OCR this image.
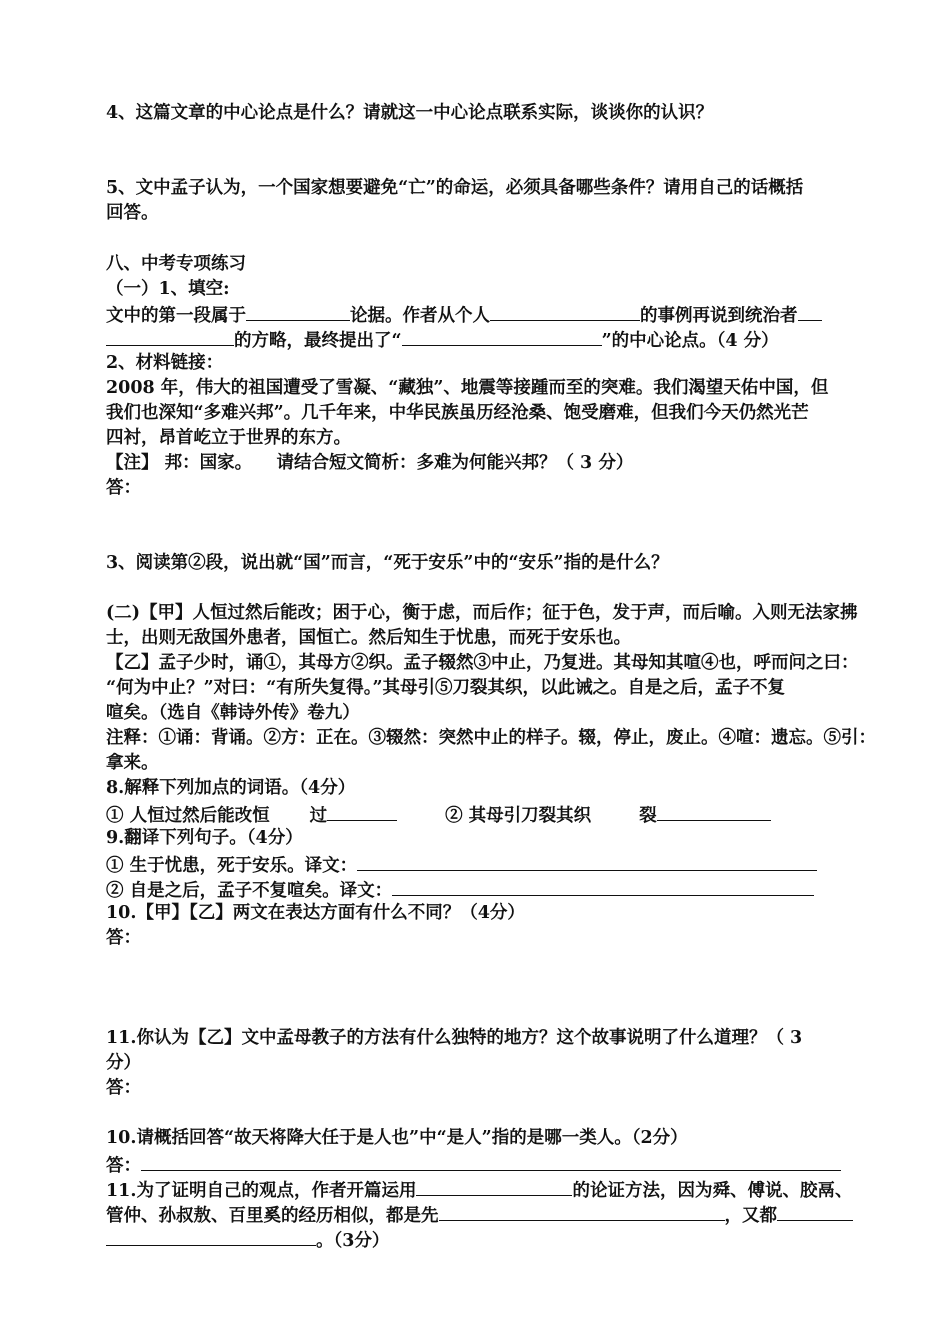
4、这篇文章的中心论点是什么？请就这一中心论点联系实际，谈谈你的认识？
5、文中孟子认为，一个国家想要避免“亡”的命运，必须具备哪些条件？请用自己的话概括
回答。
八、中考专项练习
（一）1、填空:
文中的第一段属于	论据。作者从个人	的事例再说到统治者
的方略，最终提出了“	”的中心论点。（4 分）
2、材料链接：
2008 年，伟大的祖国遭受了雪凝、“藏独”、地震等接踵而至的突难。我们渴望天佑中国，但
我们也深知“多难兴邦”。几千年来，中华民族虽历经沧桑、饱受磨难，但我们今天仍然光芒
四衬，昂首屹立于世界的东方。
【注】 邦：国家。    请结合短文简析：多难为何能兴邦？（ 3 分）
答：
3、阅读第②段，说出就“国”而言，“死于安乐”中的“安乐”指的是什么？
(二)【甲】人恒过然后能改；困于心，衡于虑，而后作；征于色，发于声，而后喻。入则无法家拂
士，出则无敌国外患者，国恒亡。然后知生于忧患，而死于安乐也。
【乙】孟子少时，诵①，其母方②织。孟子辍然③中止，乃复进。其母知其喧④也，呼而问之曰：
“何为中止？”对曰：“有所失复得。”其母引⑤刀裂其织，以此诫之。自是之后，孟子不复
喧矣。（选自《韩诗外传》卷九）
注释：①诵：背诵。②方：正在。③辍然：突然中止的样子。辍，停止，废止。④喧：遗忘。⑤引：
拿来。
8.解释下列加点的词语。（4分）
① 人恒过然后能改恒 过	② 其母引刀裂其织	裂
9.翻译下列句子。（4分）
① 生于忧患，死于安乐。译文：
② 自是之后，孟子不复喧矣。译文：
10.【甲】【乙】两文在表达方面有什么不同？（4分）
答：
11.你认为【乙】文中孟母教子的方法有什么独特的地方？这个故事说明了什么道理？（ 3
分）
答：
10.请概括回答“故天将降大任于是人也”中“是人”指的是哪一类人。（2分）
答：
11.为了证明自己的观点，作者开篇运用	的论证方法，因为舜、傅说、胶鬲、
管仲、孙叔敖、百里奚的经历相似，都是先	，又都
。（3分）
